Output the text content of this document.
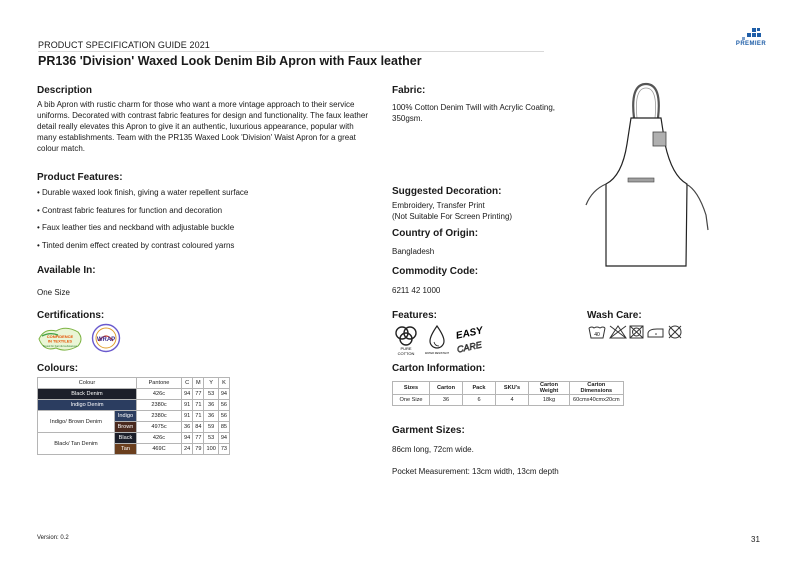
PRODUCT SPECIFICATION GUIDE 2021	PREMIER
PR136 'Division' Waxed Look Denim Bib Apron with Faux leather
Description
A bib Apron with rustic charm for those who want a more vintage approach to their service uniforms. Decorated with contrast fabric features for design and functionality. The faux leather detail really elevates this Apron to give it an authentic, luxurious appearance, popular with many establishments. Team with the PR135 Waxed Look 'Division' Waist Apron for a great colour match.
Product Features:
• Durable waxed look finish, giving a water repellent surface
• Contrast fabric features for function and decoration
• Faux leather ties and neckband with adjustable buckle
• Tinted denim effect created by contrast coloured yarns
Available In:
One Size
Certifications:
CONFIDENCE
IN TEXTILES
Tested for harmful substances
WRAP
Colours:
Colour		Pantone	C	M	Y	K
Black Denim		426c	94	77	53	94
Indigo Denim		2380c	91	71	36	56
Indigo/ Brown Denim	Indigo	2380c	91	71	36	56
	Brown	4975c	36	84	59	85
Black/ Tan Denim	Black	426c	94	77	53	94
	Tan	469C	24	79	100	73
Fabric:
100% Cotton Denim Twill with Acrylic Coating, 350gsm.
Suggested Decoration:
Embroidery, Transfer Print
(Not Suitable For Screen Printing)
Country of Origin:
Bangladesh
Commodity Code:
6211 42 1000
Features:
PURE
COTTON	WATER RESISTANT
EASY
CARE
Wash Care:
40
Carton Information:
Sizes	Carton	Pack	SKU's	Carton Weight	Carton Dimensions
One Size	36	6	4	18kg	60cmx40cmx20cm
Garment Sizes:
86cm long, 72cm wide.
Pocket Measurement: 13cm width, 13cm depth
Version: 0.2	31
